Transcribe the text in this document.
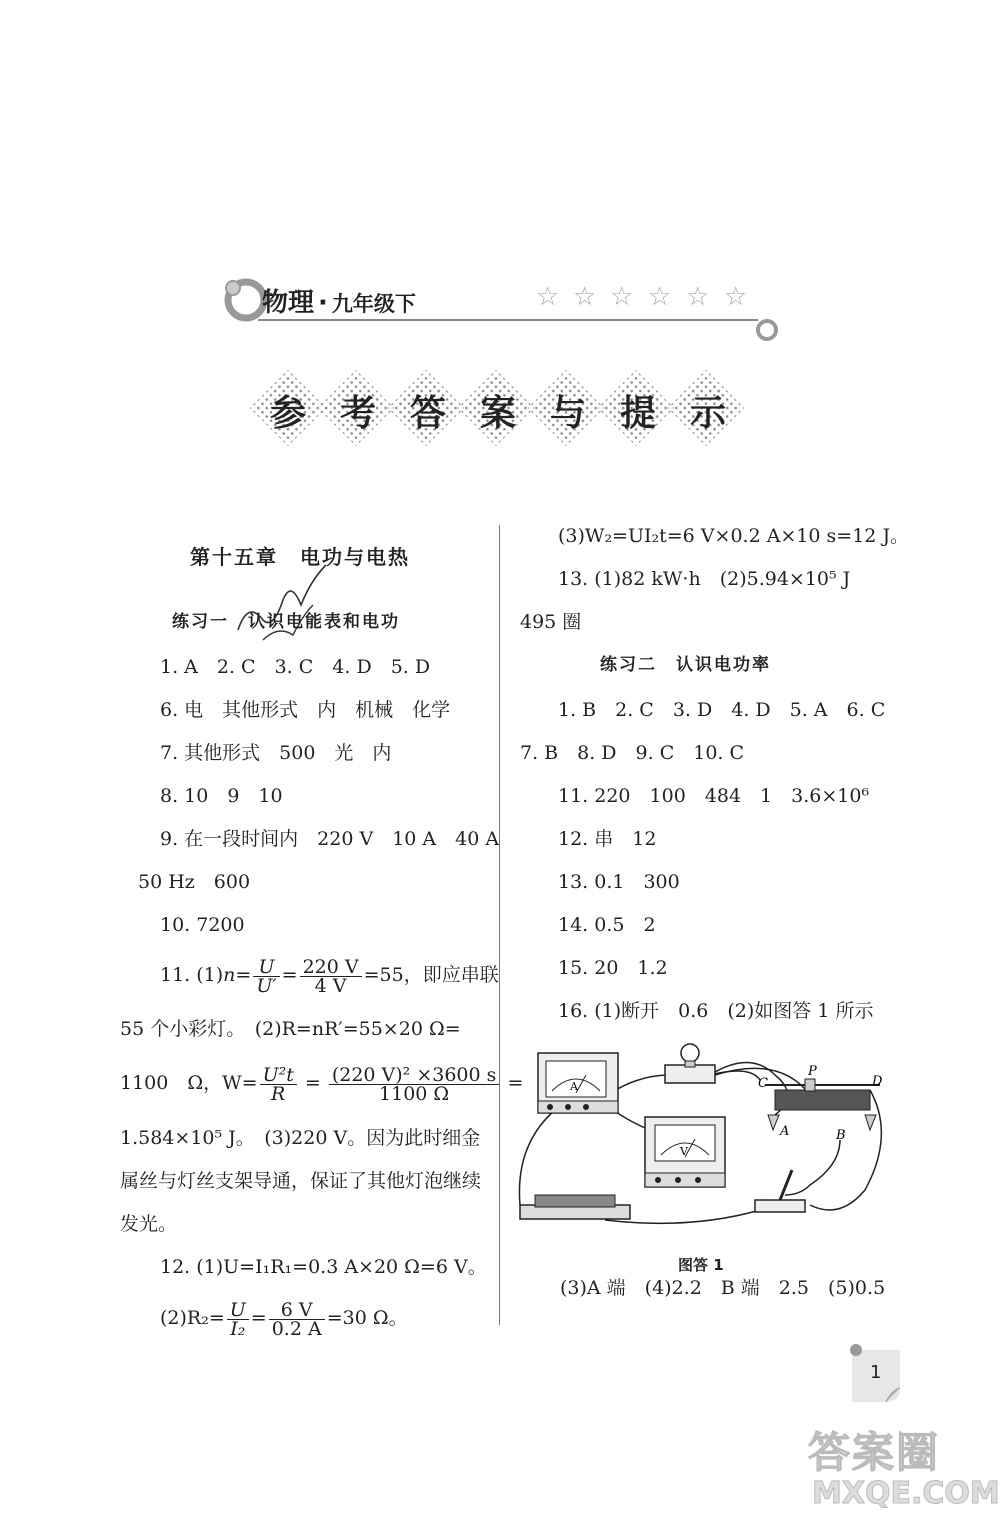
物理 · 九年级下	☆ ☆ ☆ ☆ ☆ ☆
参 考 答 案 与 提 示
第十五章　电功与电热
练习一　认识电能表和电功
1. A　2. C　3. C　4. D　5. D
6. 电　其他形式　内　机械　化学
7. 其他形式　500　光　内
8. 10　9　10
9. 在一段时间内　220 V　10 A　40 A
50 Hz　600
10. 7200
11. $(1)n= \frac{U}{U'} = \frac{220 V}{4 V} =55$，即应串联
55 个小彩灯。　(2)R=nR′=55×20 Ω=
1100　Ω，$W= \frac{\text{U²t}}{R} = \frac{\text{(220 V)² ×3600 s}}{1100 \Omega}$ =
1.584×10⁵ J。　(3)220 V。因为此时细金
属丝与灯丝支架导通，保证了其他灯泡继续
发光。
12. (1)U=I₁R₁=0.3 A×20 Ω=6 V。
$(2)R_2= \frac{U}{\text{I₂}} = \frac{6 V}{0.2 A} =30$ Ω。
(3)W₂=UI₂t=6 V×0.2 A×10 s=12 J。
13. (1)82 kW·h　(2)5.94×10⁵ J
495 圈
练习二　认识电功率
1. B　2. C　3. D　4. D　5. A　6. C
7. B　8. D　9. C　10. C
11. 220　100　484　1　3.6×10⁶
12. 串　12
13. 0.1　300
14. 0.5　2
15. 20　1.2
16. (1)断开　0.6　(2)如图答 1 所示
A
V
C
P
D
A	B
图答 1
(3)A 端　(4)2.2　B 端　2.5　(5)0.5
1
答案圈
MXQE.COM
